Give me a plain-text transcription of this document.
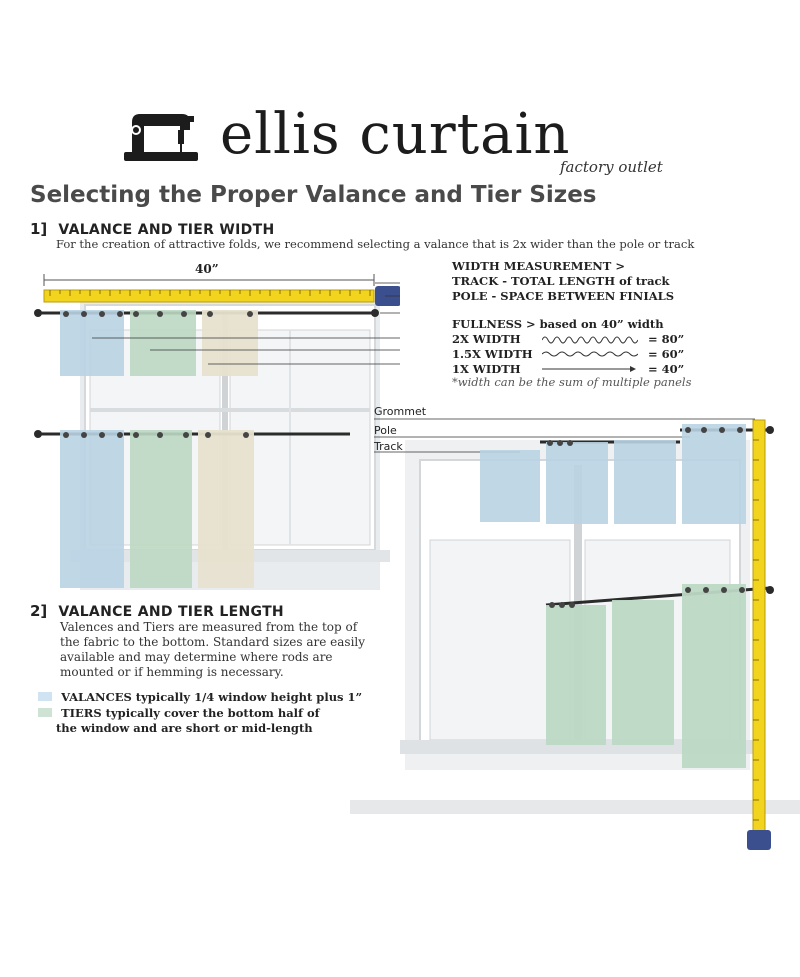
ellis curtain
factory outlet
Selecting the Proper Valance and Tier Sizes
1] VALANCE AND TIER WIDTH
For the creation of attractive folds, we recommend selecting a valance that is 2x wider than the pole or track
40”	WIDTH MEASUREMENT >
TRACK - TOTAL LENGTH of track
POLE - SPACE BETWEEN FINIALS
FULLNESS > based on 40” width
2X WIDTH	= 80”
1.5X WIDTH	= 60”
1X WIDTH	= 40”
*width can be the sum of multiple panels
Grommet
Pole
Track
2] VALANCE AND TIER LENGTH
Valences and Tiers are measured from the top of
the fabric to the bottom. Standard sizes are easily
available and may determine where rods are
mounted or if hemming is necessary.
VALANCES typically 1/4 window height plus 1”
TIERS typically cover the bottom half of
the window and are short or mid-length
